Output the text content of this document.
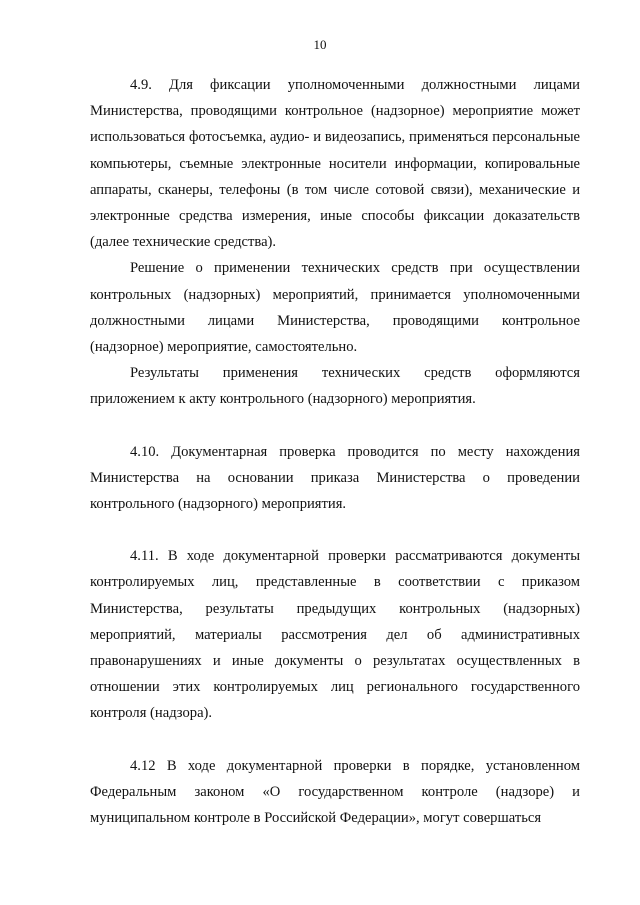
10

4.9. Для фиксации уполномоченными должностными лицами Министерства, проводящими контрольное (надзорное) мероприятие может использоваться фотосъемка, аудио- и видеозапись, применяться персональные компьютеры, съемные электронные носители информации, копировальные аппараты, сканеры, телефоны (в том числе сотовой связи), механические и электронные средства измерения, иные способы фиксации доказательств (далее технические средства).

Решение о применении технических средств при осуществлении контрольных (надзорных) мероприятий, принимается уполномоченными должностными лицами Министерства, проводящими контрольное (надзорное) мероприятие, самостоятельно.

Результаты применения технических средств оформляются приложением к акту контрольного (надзорного) мероприятия.

4.10. Документарная проверка проводится по месту нахождения Министерства на основании приказа Министерства о проведении контрольного (надзорного) мероприятия.

4.11. В ходе документарной проверки рассматриваются документы контролируемых лиц, представленные в соответствии с приказом Министерства, результаты предыдущих контрольных (надзорных) мероприятий, материалы рассмотрения дел об административных правонарушениях и иные документы о результатах осуществленных в отношении этих контролируемых лиц регионального государственного контроля (надзора).

4.12 В ходе документарной проверки в порядке, установленном Федеральным законом «О государственном контроле (надзоре) и муниципальном контроле в Российской Федерации», могут совершаться
